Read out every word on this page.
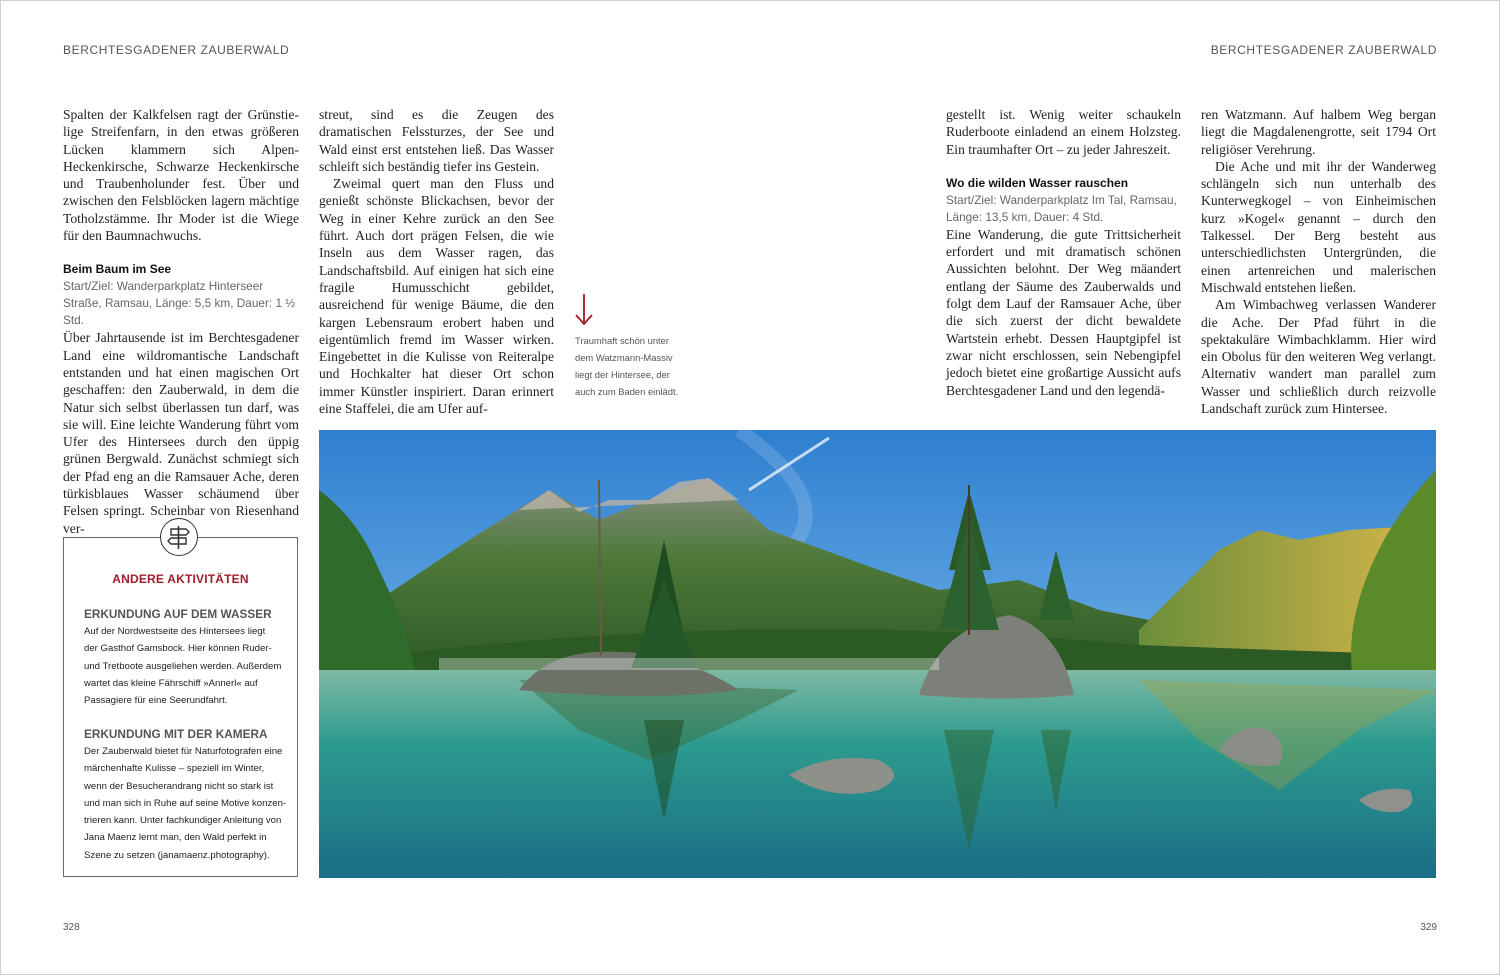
BERCHTESGADENER ZAUBERWALD	BERCHTESGADENER ZAUBERWALD

Spalten der Kalkfelsen ragt der Grünstielige Streifenfarn, in den etwas größeren Lücken klammern sich Alpen-Heckenkirsche, Schwarze Heckenkirsche und Traubenholunder fest. Über und zwischen den Felsblöcken lagern mächtige Totholzstämme. Ihr Moder ist die Wiege für den Baumnachwuchs.

Beim Baum im See
Start/Ziel: Wanderparkplatz Hinterseer Straße, Ramsau, Länge: 5,5 km, Dauer: 1 ½ Std.

Über Jahrtausende ist im Berchtesgadener Land eine wildromantische Landschaft entstanden und hat einen magischen Ort geschaffen: den Zauberwald, in dem die Natur sich selbst überlassen tun darf, was sie will. Eine leichte Wanderung führt vom Ufer des Hintersees durch den üppig grünen Bergwald. Zunächst schmiegt sich der Pfad eng an die Ramsauer Ache, deren türkisblaues Wasser schäumend über Felsen springt. Scheinbar von Riesenhand ver-

ANDERE AKTIVITÄTEN
ERKUNDUNG AUF DEM WASSER
Auf der Nordwestseite des Hintersees liegt
der Gasthof Gamsbock. Hier können Ruder-
und Tretboote ausgeliehen werden. Außerdem
wartet das kleine Fährschiff »Annerl« auf
Passagiere für eine Seerundfahrt.
ERKUNDUNG MIT DER KAMERA
Der Zauberwald bietet für Naturfotografen eine
märchenhafte Kulisse – speziell im Winter,
wenn der Besucherandrang nicht so stark ist
und man sich in Ruhe auf seine Motive konzen-
trieren kann. Unter fachkundiger Anleitung von
Jana Maenz lernt man, den Wald perfekt in
Szene zu setzen (janamaenz.photography).

streut, sind es die Zeugen des dramatischen Felssturzes, der See und Wald einst erst entstehen ließ. Das Wasser schleift sich beständig tiefer ins Gestein.

Zweimal quert man den Fluss und genießt schönste Blickachsen, bevor der Weg in einer Kehre zurück an den See führt. Auch dort prägen Felsen, die wie Inseln aus dem Wasser ragen, das Landschaftsbild. Auf einigen hat sich eine fragile Humusschicht gebildet, ausreichend für wenige Bäume, die den kargen Lebensraum erobert haben und eigentümlich fremd im Wasser wirken. Eingebettet in die Kulisse von Reiteralpe und Hochkalter hat dieser Ort schon immer Künstler inspiriert. Daran erinnert eine Staffelei, die am Ufer auf-

Traumhaft schön unter
dem Watzmann-Massiv
liegt der Hintersee, der
auch zum Baden einlädt.

gestellt ist. Wenig weiter schaukeln Ruderboote einladend an einem Holzsteg. Ein traumhafter Ort – zu jeder Jahreszeit.

Wo die wilden Wasser rauschen
Start/Ziel: Wanderparkplatz Im Tal, Ramsau, Länge: 13,5 km, Dauer: 4 Std.

Eine Wanderung, die gute Trittsicherheit erfordert und mit dramatisch schönen Aussichten belohnt. Der Weg mäandert entlang der Säume des Zauberwalds und folgt dem Lauf der Ramsauer Ache, über die sich zuerst der dicht bewaldete Wartstein erhebt. Dessen Hauptgipfel ist zwar nicht erschlossen, sein Nebengipfel jedoch bietet eine großartige Aussicht aufs Berchtesgadener Land und den legendä-

ren Watzmann. Auf halbem Weg bergan liegt die Magdalenengrotte, seit 1794 Ort religiöser Verehrung.

Die Ache und mit ihr der Wanderweg schlängeln sich nun unterhalb des Kunterwegkogel – von Einheimischen kurz »Kogel« genannt – durch den Talkessel. Der Berg besteht aus unterschiedlichsten Untergründen, die einen artenreichen und malerischen Mischwald entstehen ließen.

Am Wimbachweg verlassen Wanderer die Ache. Der Pfad führt in die spektakuläre Wimbachklamm. Hier wird ein Obolus für den weiteren Weg verlangt. Alternativ wandert man parallel zum Wasser und schließlich durch reizvolle Landschaft zurück zum Hintersee.

328	329
